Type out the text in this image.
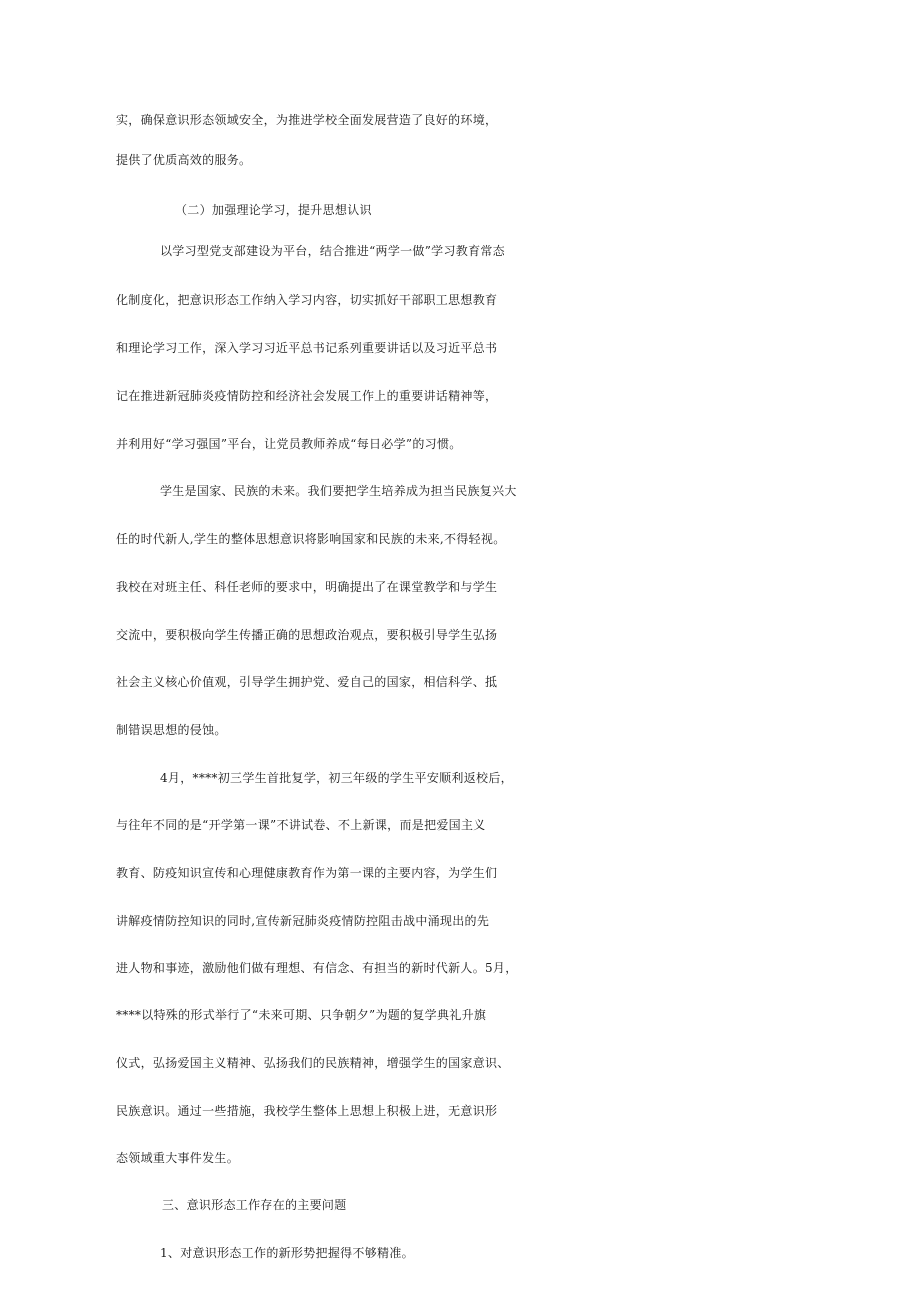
实，确保意识形态领域安全，为推进学校全面发展营造了良好的环境，
提供了优质高效的服务。
（二）加强理论学习，提升思想认识
以学习型党支部建设为平台，结合推进“两学一做”学习教育常态
化制度化，把意识形态工作纳入学习内容，切实抓好干部职工思想教育
和理论学习工作，深入学习习近平总书记系列重要讲话以及习近平总书
记在推进新冠肺炎疫情防控和经济社会发展工作上的重要讲话精神等，
并利用好“学习强国”平台，让党员教师养成“每日必学”的习惯。
学生是国家、民族的未来。我们要把学生培养成为担当民族复兴大
任的时代新人,学生的整体思想意识将影响国家和民族的未来,不得轻视。
我校在对班主任、科任老师的要求中，明确提出了在课堂教学和与学生
交流中，要积极向学生传播正确的思想政治观点，要积极引导学生弘扬
社会主义核心价值观，引导学生拥护党、爱自己的国家，相信科学、抵
制错误思想的侵蚀。
4月，****初三学生首批复学，初三年级的学生平安顺利返校后，
与往年不同的是“开学第一课”不讲试卷、不上新课，而是把爱国主义
教育、防疫知识宣传和心理健康教育作为第一课的主要内容，为学生们
讲解疫情防控知识的同时,宣传新冠肺炎疫情防控阻击战中涌现出的先
进人物和事迹，激励他们做有理想、有信念、有担当的新时代新人。5月，
****以特殊的形式举行了“未来可期、只争朝夕”为题的复学典礼升旗
仪式，弘扬爱国主义精神、弘扬我们的民族精神，增强学生的国家意识、
民族意识。通过一些措施，我校学生整体上思想上积极上进，无意识形
态领域重大事件发生。
三、意识形态工作存在的主要问题
1、对意识形态工作的新形势把握得不够精准。
